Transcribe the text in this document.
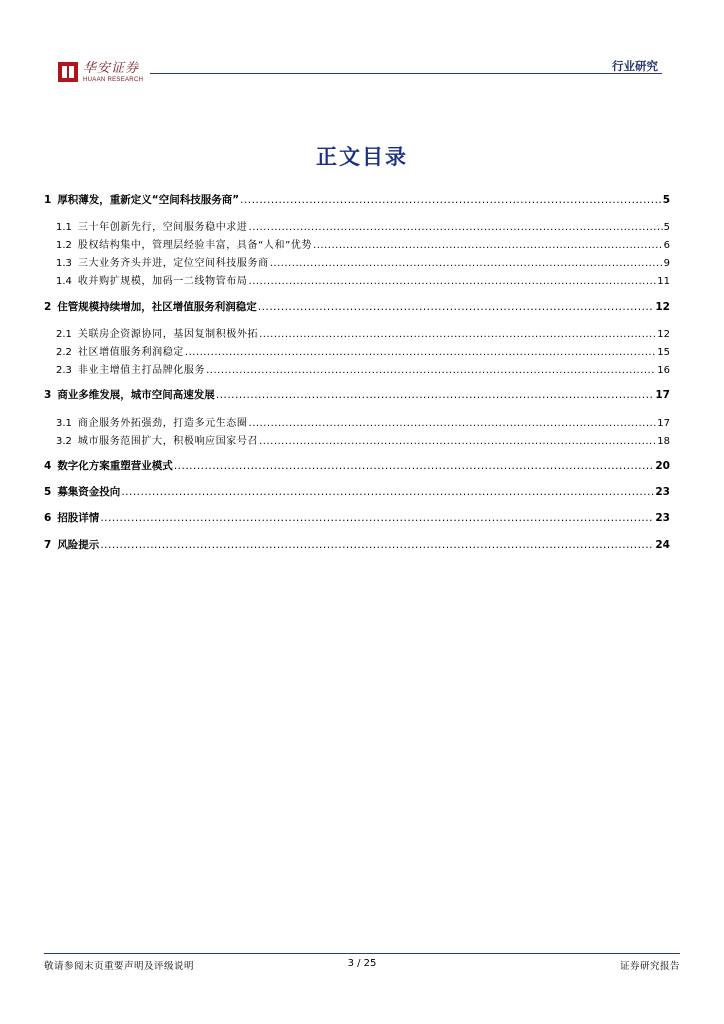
华安证券
HUAAN RESEARCH
行业研究
正文目录
1 厚积薄发，重新定义“空间科技服务商” .....	5
1.1 三十年创新先行，空间服务稳中求进 .....	5
1.2 股权结构集中，管理层经验丰富，具备“人和”优势 .....	6
1.3 三大业务齐头并进，定位空间科技服务商 .....	9
1.4 收并购扩规模，加码一二线物管布局 .....	11
2 住管规模持续增加，社区增值服务利润稳定 .....	12
2.1 关联房企资源协同，基因复制积极外拓 .....	12
2.2 社区增值服务利润稳定 .....	15
2.3 非业主增值主打品牌化服务 .....	16
3 商业多维发展，城市空间高速发展 .....	17
3.1 商企服务外拓强劲，打造多元生态圈 .....	17
3.2 城市服务范围扩大，积极响应国家号召 .....	18
4 数字化方案重塑营业模式 .....	20
5 募集资金投向 .....	23
6 招股详情 .....	23
7 风险提示 .....	24
敬请参阅末页重要声明及评级说明	3 / 25	证券研究报告
